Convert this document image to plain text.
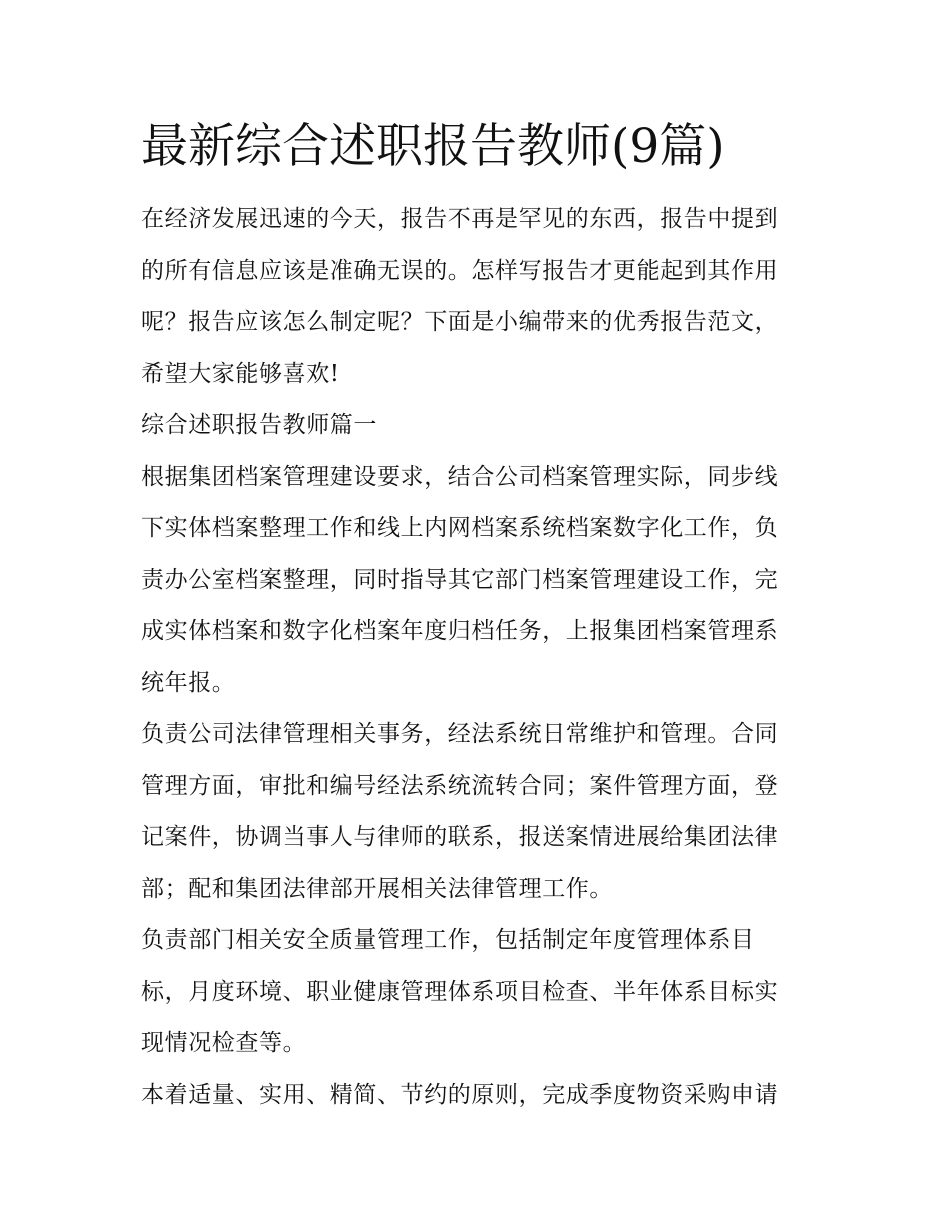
最新综合述职报告教师(9篇)

在经济发展迅速的今天，报告不再是罕见的东西，报告中提到
的所有信息应该是准确无误的。怎样写报告才更能起到其作用
呢？报告应该怎么制定呢？下面是小编带来的优秀报告范文，
希望大家能够喜欢!

综合述职报告教师篇一

根据集团档案管理建设要求，结合公司档案管理实际，同步线
下实体档案整理工作和线上内网档案系统档案数字化工作，负
责办公室档案整理，同时指导其它部门档案管理建设工作，完
成实体档案和数字化档案年度归档任务，上报集团档案管理系
统年报。

负责公司法律管理相关事务，经法系统日常维护和管理。合同
管理方面，审批和编号经法系统流转合同；案件管理方面，登
记案件，协调当事人与律师的联系，报送案情进展给集团法律
部；配和集团法律部开展相关法律管理工作。

负责部门相关安全质量管理工作，包括制定年度管理体系目
标，月度环境、职业健康管理体系项目检查、半年体系目标实
现情况检查等。

本着适量、实用、精简、节约的原则，完成季度物资采购申请
